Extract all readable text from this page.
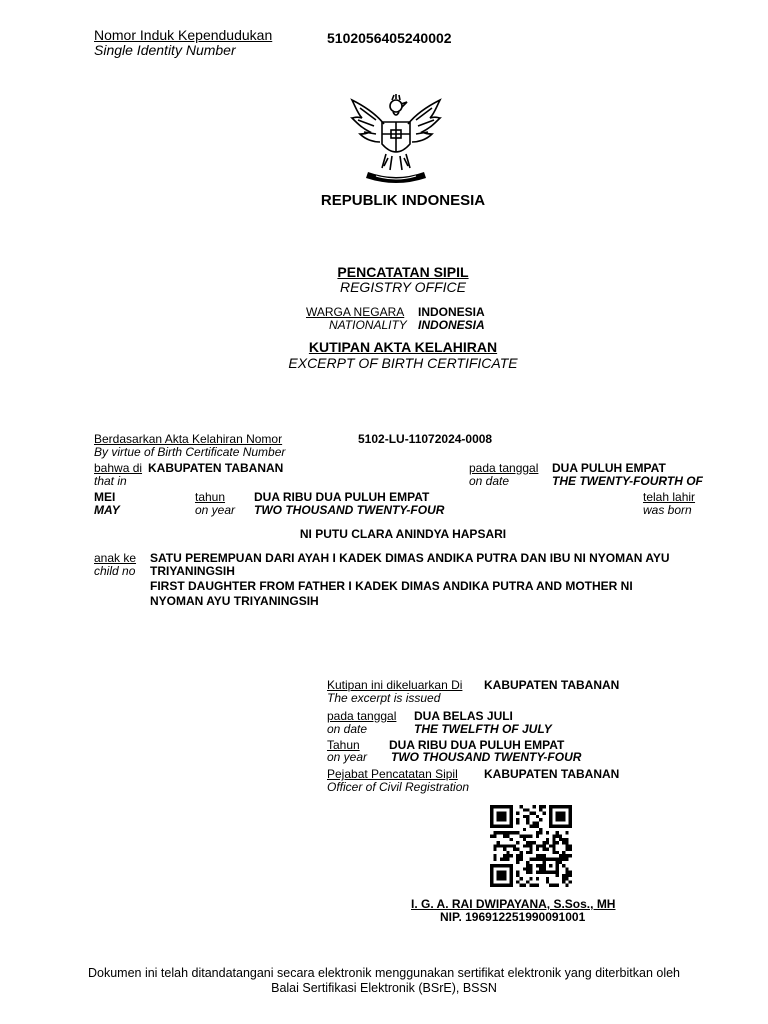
Nomor Induk Kependudukan
Single Identity Number
5102056405240002
REPUBLIK INDONESIA
PENCATATAN SIPIL
REGISTRY OFFICE
WARGA NEGARA INDONESIA
NATIONALITY INDONESIA
KUTIPAN AKTA KELAHIRAN
EXCERPT OF BIRTH CERTIFICATE
Berdasarkan Akta Kelahiran Nomor
By virtue of Birth Certificate Number
5102-LU-11072024-0008
bahwa di KABUPATEN TABANAN
that in
pada tanggal
on date
DUA PULUH EMPAT
THE TWENTY-FOURTH OF
MEI
MAY
tahun
on year
DUA RIBU DUA PULUH EMPAT
TWO THOUSAND TWENTY-FOUR
telah lahir
was born
NI PUTU CLARA ANINDYA HAPSARI
anak ke
child no
SATU PEREMPUAN DARI AYAH I KADEK DIMAS ANDIKA PUTRA DAN IBU NI NYOMAN AYU
TRIYANINGSIH
FIRST DAUGHTER FROM FATHER I KADEK DIMAS ANDIKA PUTRA AND MOTHER NI
NYOMAN AYU TRIYANINGSIH
Kutipan ini dikeluarkan Di
The excerpt is issued
KABUPATEN TABANAN
pada tanggal
on date
DUA BELAS JULI
THE TWELFTH OF JULY
Tahun
on year
DUA RIBU DUA PULUH EMPAT
TWO THOUSAND TWENTY-FOUR
Pejabat Pencatatan Sipil
Officer of Civil Registration
KABUPATEN TABANAN
I. G. A. RAI DWIPAYANA, S.Sos., MH
NIP. 196912251990091001
Dokumen ini telah ditandatangani secara elektronik menggunakan sertifikat elektronik yang diterbitkan oleh
Balai Sertifikasi Elektronik (BSrE), BSSN
